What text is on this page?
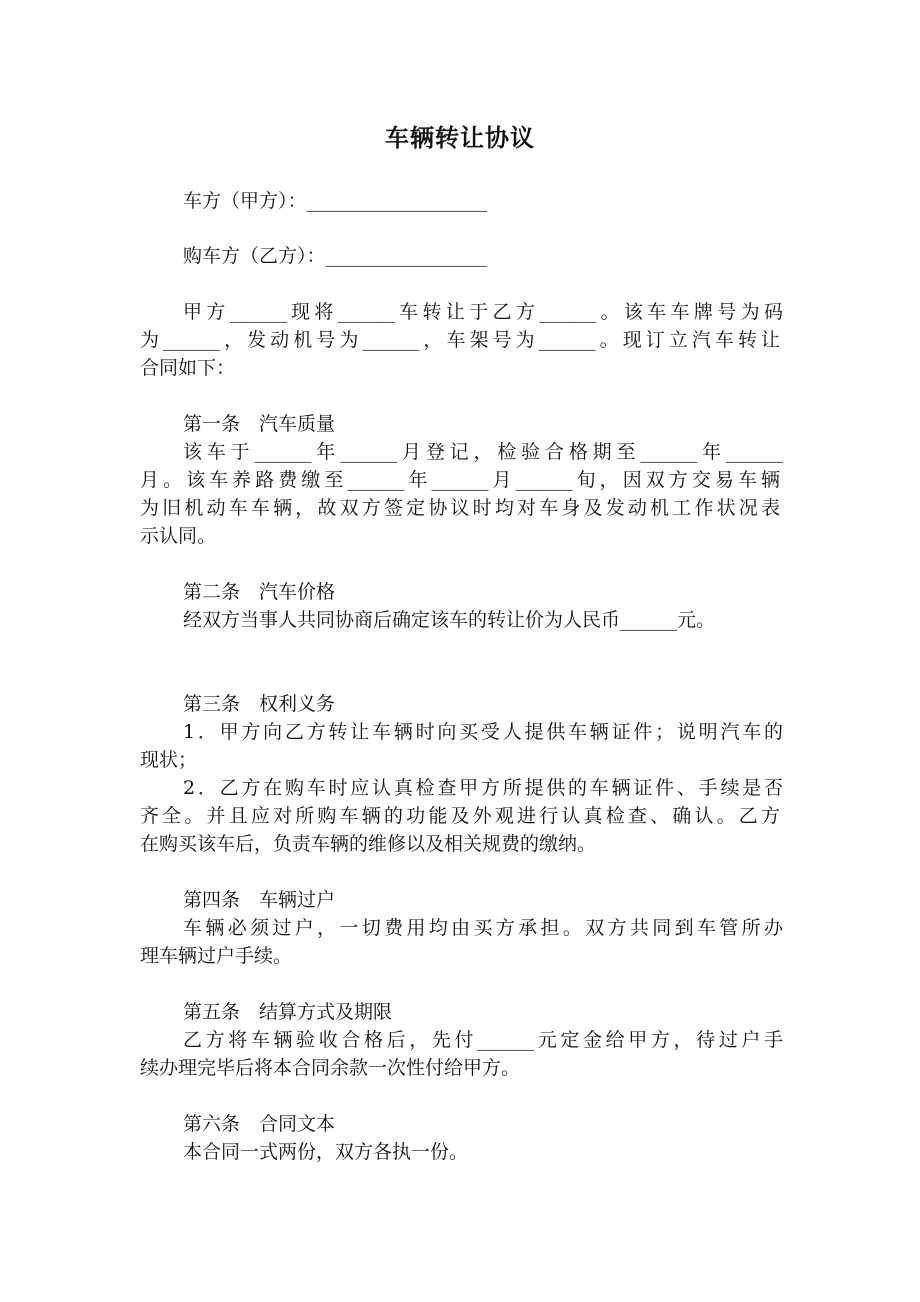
车辆转让协议

车方（甲方）：___________________

购车方（乙方）：_________________

甲方______现将______车转让于乙方______。该车车牌号为码

为______，发动机号为______，车架号为______。现订立汽车转让

合同如下：

第一条　汽车质量

该车于______年______月登记，检验合格期至______年______

月。该车养路费缴至______年______月______旬，因双方交易车辆

为旧机动车车辆，故双方签定协议时均对车身及发动机工作状况表

示认同。

第二条　汽车价格

经双方当事人共同协商后确定该车的转让价为人民币______元。

第三条　权利义务

1．甲方向乙方转让车辆时向买受人提供车辆证件；说明汽车的

现状；

2．乙方在购车时应认真检查甲方所提供的车辆证件、手续是否

齐全。并且应对所购车辆的功能及外观进行认真检查、确认。乙方

在购买该车后，负责车辆的维修以及相关规费的缴纳。

第四条　车辆过户

车辆必须过户，一切费用均由买方承担。双方共同到车管所办

理车辆过户手续。

第五条　结算方式及期限

乙方将车辆验收合格后，先付______元定金给甲方，待过户手

续办理完毕后将本合同余款一次性付给甲方。

第六条　合同文本

本合同一式两份，双方各执一份。
